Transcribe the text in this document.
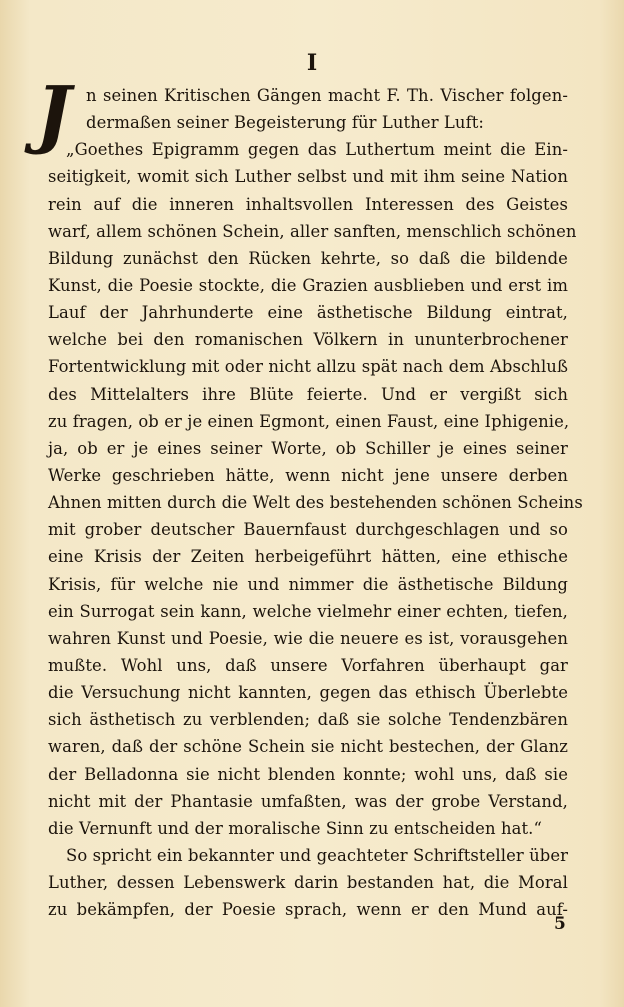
I
J n seinen Kritischen Gängen macht F. Th. Vischer folgen-
dermaßen seiner Begeisterung für Luther Luft:
„Goethes Epigramm gegen das Luthertum meint die Ein-
seitigkeit, womit sich Luther selbst und mit ihm seine Nation
rein auf die inneren inhaltsvollen Interessen des Geistes
warf, allem schönen Schein, aller sanften, menschlich schönen
Bildung zunächst den Rücken kehrte, so daß die bildende
Kunst, die Poesie stockte, die Grazien ausblieben und erst im
Lauf der Jahrhunderte eine ästhetische Bildung eintrat,
welche bei den romanischen Völkern in ununterbrochener
Fortentwicklung mit oder nicht allzu spät nach dem Abschluß
des Mittelalters ihre Blüte feierte. Und er vergißt sich
zu fragen, ob er je einen Egmont, einen Faust, eine Iphigenie,
ja, ob er je eines seiner Worte, ob Schiller je eines seiner
Werke geschrieben hätte, wenn nicht jene unsere derben
Ahnen mitten durch die Welt des bestehenden schönen Scheins
mit grober deutscher Bauernfaust durchgeschlagen und so
eine Krisis der Zeiten herbeigeführt hätten, eine ethische
Krisis, für welche nie und nimmer die ästhetische Bildung
ein Surrogat sein kann, welche vielmehr einer echten, tiefen,
wahren Kunst und Poesie, wie die neuere es ist, vorausgehen
mußte. Wohl uns, daß unsere Vorfahren überhaupt gar
die Versuchung nicht kannten, gegen das ethisch Überlebte
sich ästhetisch zu verblenden; daß sie solche Tendenzbären
waren, daß der schöne Schein sie nicht bestechen, der Glanz
der Belladonna sie nicht blenden konnte; wohl uns, daß sie
nicht mit der Phantasie umfaßten, was der grobe Verstand,
die Vernunft und der moralische Sinn zu entscheiden hat.“
So spricht ein bekannter und geachteter Schriftsteller über
Luther, dessen Lebenswerk darin bestanden hat, die Moral
zu bekämpfen, der Poesie sprach, wenn er den Mund auf-
5
